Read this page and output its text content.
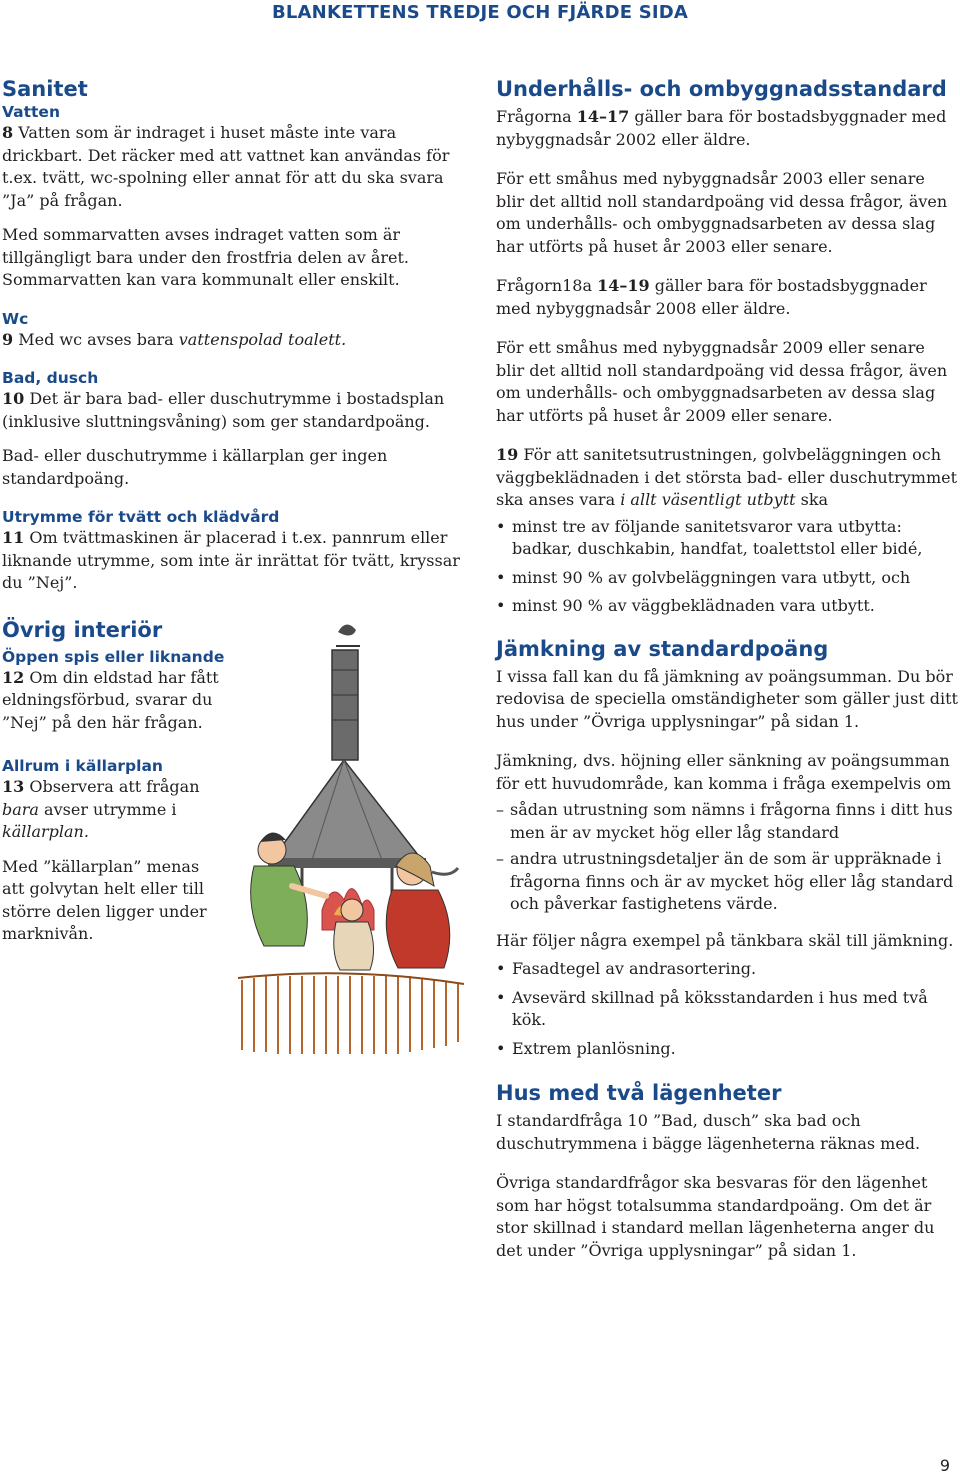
BLANKETTENS TREDJE OCH FJÄRDE SIDA
Sanitet
Vatten

8 Vatten som är indraget i huset måste inte vara drickbart. Det räcker med att vattnet kan användas för t.ex. tvätt, wc-spolning eller annat för att du ska svara ”Ja” på frågan.

Med sommarvatten avses indraget vatten som är tillgängligt bara under den frostfria delen av året. Sommarvatten kan vara kommunalt eller enskilt.

Wc

9 Med wc avses bara vattenspolad toalett.

Bad, dusch

10 Det är bara bad- eller duschutrymme i bostadsplan (inklusive sluttningsvåning) som ger standardpoäng.

Bad- eller duschutrymme i källarplan ger ingen standardpoäng.

Utrymme för tvätt och klädvård

11 Om tvättmaskinen är placerad i t.ex. pannrum eller liknande utrymme, som inte är inrättat för tvätt, kryssar du ”Nej”.

Övrig interiör
Öppen spis eller liknande

12 Om din eldstad har fått eldningsförbud, svarar du ”Nej” på den här frågan.

Allrum i källarplan

13 Observera att frågan bara avser utrymme i källarplan.

Med ”källarplan” menas att golvytan helt eller till större delen ligger under marknivån.

Underhålls- och ombyggnadsstandard

Frågorna 14–17 gäller bara för bostadsbyggnader med nybyggnadsår 2002 eller äldre.

För ett småhus med nybyggnadsår 2003 eller senare blir det alltid noll standardpoäng vid dessa frågor, även om underhålls- och ombyggnadsarbeten av dessa slag har utförts på huset år 2003 eller senare.

Frågorn18a 14–19 gäller bara för bostadsbyggnader med nybyggnadsår 2008 eller äldre.

För ett småhus med nybyggnadsår 2009 eller senare blir det alltid noll standardpoäng vid dessa frågor, även om underhålls- och ombyggnadsarbeten av dessa slag har utförts på huset år 2009 eller senare.

19 För att sanitetsutrustningen, golvbeläggningen och väggbeklädnaden i det största bad- eller duschutrymmet ska anses vara i allt väsentligt utbytt ska

• minst tre av följande sanitetsvaror vara utbytta: badkar, duschkabin, handfat, toalettstol eller bidé,
• minst 90 % av golvbeläggningen vara utbytt, och
• minst 90 % av väggbeklädnaden vara utbytt.
Jämkning av standardpoäng

I vissa fall kan du få jämkning av poängsumman. Du bör redovisa de speciella omständigheter som gäller just ditt hus under ”Övriga upplysningar” på sidan 1.

Jämkning, dvs. höjning eller sänkning av poängsumman för ett huvudområde, kan komma i fråga exempelvis om

– sådan utrustning som nämns i frågorna finns i ditt hus men är av mycket hög eller låg standard
– andra utrustningsdetaljer än de som är uppräknade i frågorna finns och är av mycket hög eller låg standard och påverkar fastighetens värde.

Här följer några exempel på tänkbara skäl till jämkning.

• Fasadtegel av andrasortering.
• Avsevärd skillnad på köksstandarden i hus med två kök.
• Extrem planlösning.
Hus med två lägenheter

I standardfråga 10 ”Bad, dusch” ska bad och duschutrymmena i bägge lägenheterna räknas med.

Övriga standardfrågor ska besvaras för den lägenhet som har högst totalsumma standardpoäng. Om det är stor skillnad i standard mellan lägenheterna anger du det under ”Övriga upplysningar” på sidan 1.

9
